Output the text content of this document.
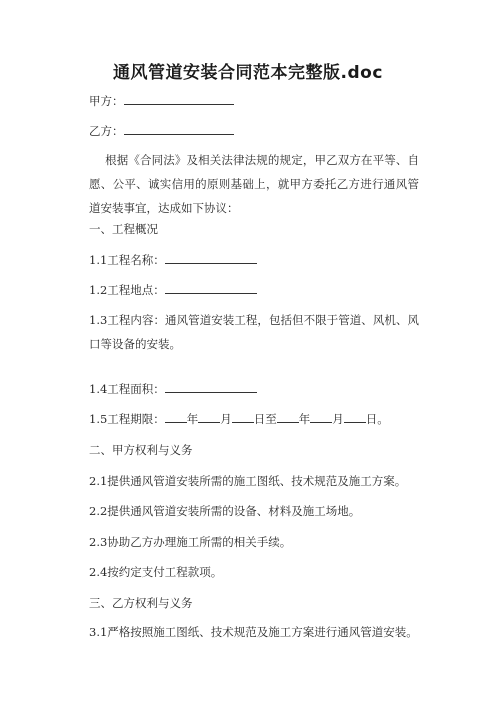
通风管道安装合同范本完整版.doc
甲方：
乙方：
根据《合同法》及相关法律法规的规定，甲乙双方在平等、自愿、公平、诚实信用的原则基础上，就甲方委托乙方进行通风管道安装事宜，达成如下协议：
一、工程概况
1.1工程名称：
1.2工程地点：
1.3工程内容：通风管道安装工程，包括但不限于管道、风机、风口等设备的安装。
1.4工程面积：
1.5工程期限： 年 月 日至 年 月 日。
二、甲方权利与义务
2.1提供通风管道安装所需的施工图纸、技术规范及施工方案。
2.2提供通风管道安装所需的设备、材料及施工场地。
2.3协助乙方办理施工所需的相关手续。
2.4按约定支付工程款项。
三、乙方权利与义务
3.1严格按照施工图纸、技术规范及施工方案进行通风管道安装。
